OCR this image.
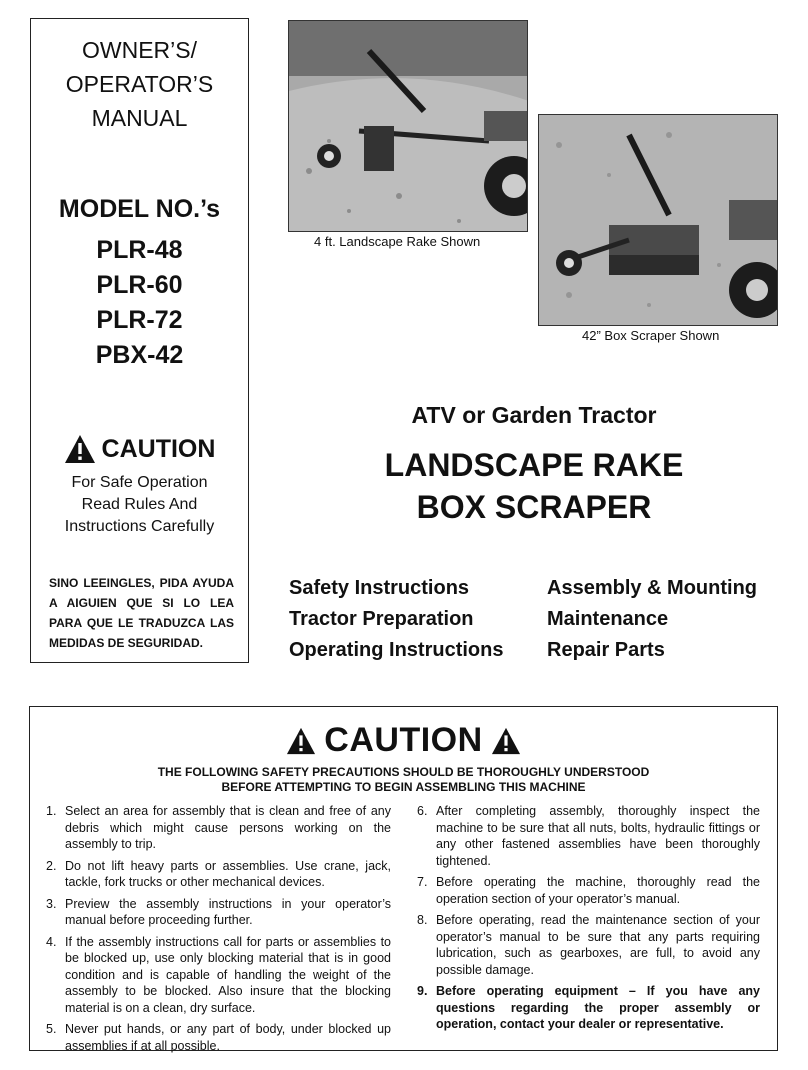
OWNER’S/
OPERATOR’S
MANUAL
MODEL NO.’s
PLR-48
PLR-60
PLR-72
PBX-42
CAUTION
For Safe Operation
Read Rules And
Instructions Carefully
SINO LEEINGLES, PIDA AYUDA A AIGUIEN QUE SI LO LEA PARA QUE LE TRADUZCA LAS MEDIDAS DE SEGURIDAD.
4 ft. Landscape Rake Shown
42” Box Scraper Shown
ATV or Garden Tractor
LANDSCAPE RAKE
BOX SCRAPER
Safety Instructions	Assembly & Mounting
Tractor Preparation	Maintenance
Operating Instructions	Repair Parts
CAUTION
THE FOLLOWING SAFETY PRECAUTIONS SHOULD BE THOROUGHLY UNDERSTOOD
BEFORE ATTEMPTING TO BEGIN ASSEMBLING THIS MACHINE
1. Select an area for assembly that is clean and free of any debris which might cause persons working on the assembly to trip.
2. Do not lift heavy parts or assemblies. Use crane, jack, tackle, fork trucks or other mechanical devices.
3. Preview the assembly instructions in your operator’s manual before proceeding further.
4. If the assembly instructions call for parts or assemblies to be blocked up, use only blocking material that is in good condition and is capable of handling the weight of the assembly to be blocked. Also insure that the blocking material is on a clean, dry surface.
5. Never put hands, or any part of body, under blocked up assemblies if at all possible.
6. After completing assembly, thoroughly inspect the machine to be sure that all nuts, bolts, hydraulic fittings or any other fastened assemblies have been thoroughly tightened.
7. Before operating the machine, thoroughly read the operation section of your operator’s manual.
8. Before operating, read the maintenance section of your operator’s manual to be sure that any parts requiring lubrication, such as gearboxes, are full, to avoid any possible damage.
9. Before operating equipment – If you have any questions regarding the proper assembly or operation, contact your dealer or representative.
